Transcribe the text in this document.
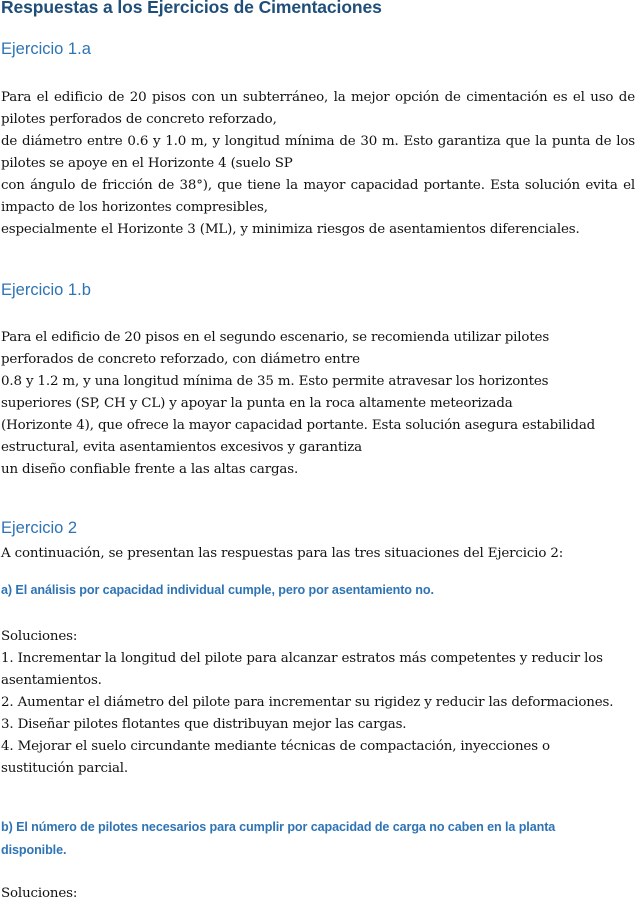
Respuestas a los Ejercicios de Cimentaciones
Ejercicio 1.a
Para el edificio de 20 pisos con un subterráneo, la mejor opción de cimentación es el uso de
pilotes perforados de concreto reforzado,
de diámetro entre 0.6 y 1.0 m, y longitud mínima de 30 m. Esto garantiza que la punta de los
pilotes se apoye en el Horizonte 4 (suelo SP
con ángulo de fricción de 38°), que tiene la mayor capacidad portante. Esta solución evita el
impacto de los horizontes compresibles,
especialmente el Horizonte 3 (ML), y minimiza riesgos de asentamientos diferenciales.
Ejercicio 1.b
Para el edificio de 20 pisos en el segundo escenario, se recomienda utilizar pilotes
perforados de concreto reforzado, con diámetro entre
0.8 y 1.2 m, y una longitud mínima de 35 m. Esto permite atravesar los horizontes
superiores (SP, CH y CL) y apoyar la punta en la roca altamente meteorizada
(Horizonte 4), que ofrece la mayor capacidad portante. Esta solución asegura estabilidad
estructural, evita asentamientos excesivos y garantiza
un diseño confiable frente a las altas cargas.
Ejercicio 2
A continuación, se presentan las respuestas para las tres situaciones del Ejercicio 2:
a) El análisis por capacidad individual cumple, pero por asentamiento no.
Soluciones:
1. Incrementar la longitud del pilote para alcanzar estratos más competentes y reducir los
asentamientos.
2. Aumentar el diámetro del pilote para incrementar su rigidez y reducir las deformaciones.
3. Diseñar pilotes flotantes que distribuyan mejor las cargas.
4. Mejorar el suelo circundante mediante técnicas de compactación, inyecciones o
sustitución parcial.
b) El número de pilotes necesarios para cumplir por capacidad de carga no caben en la planta
disponible.
Soluciones:
